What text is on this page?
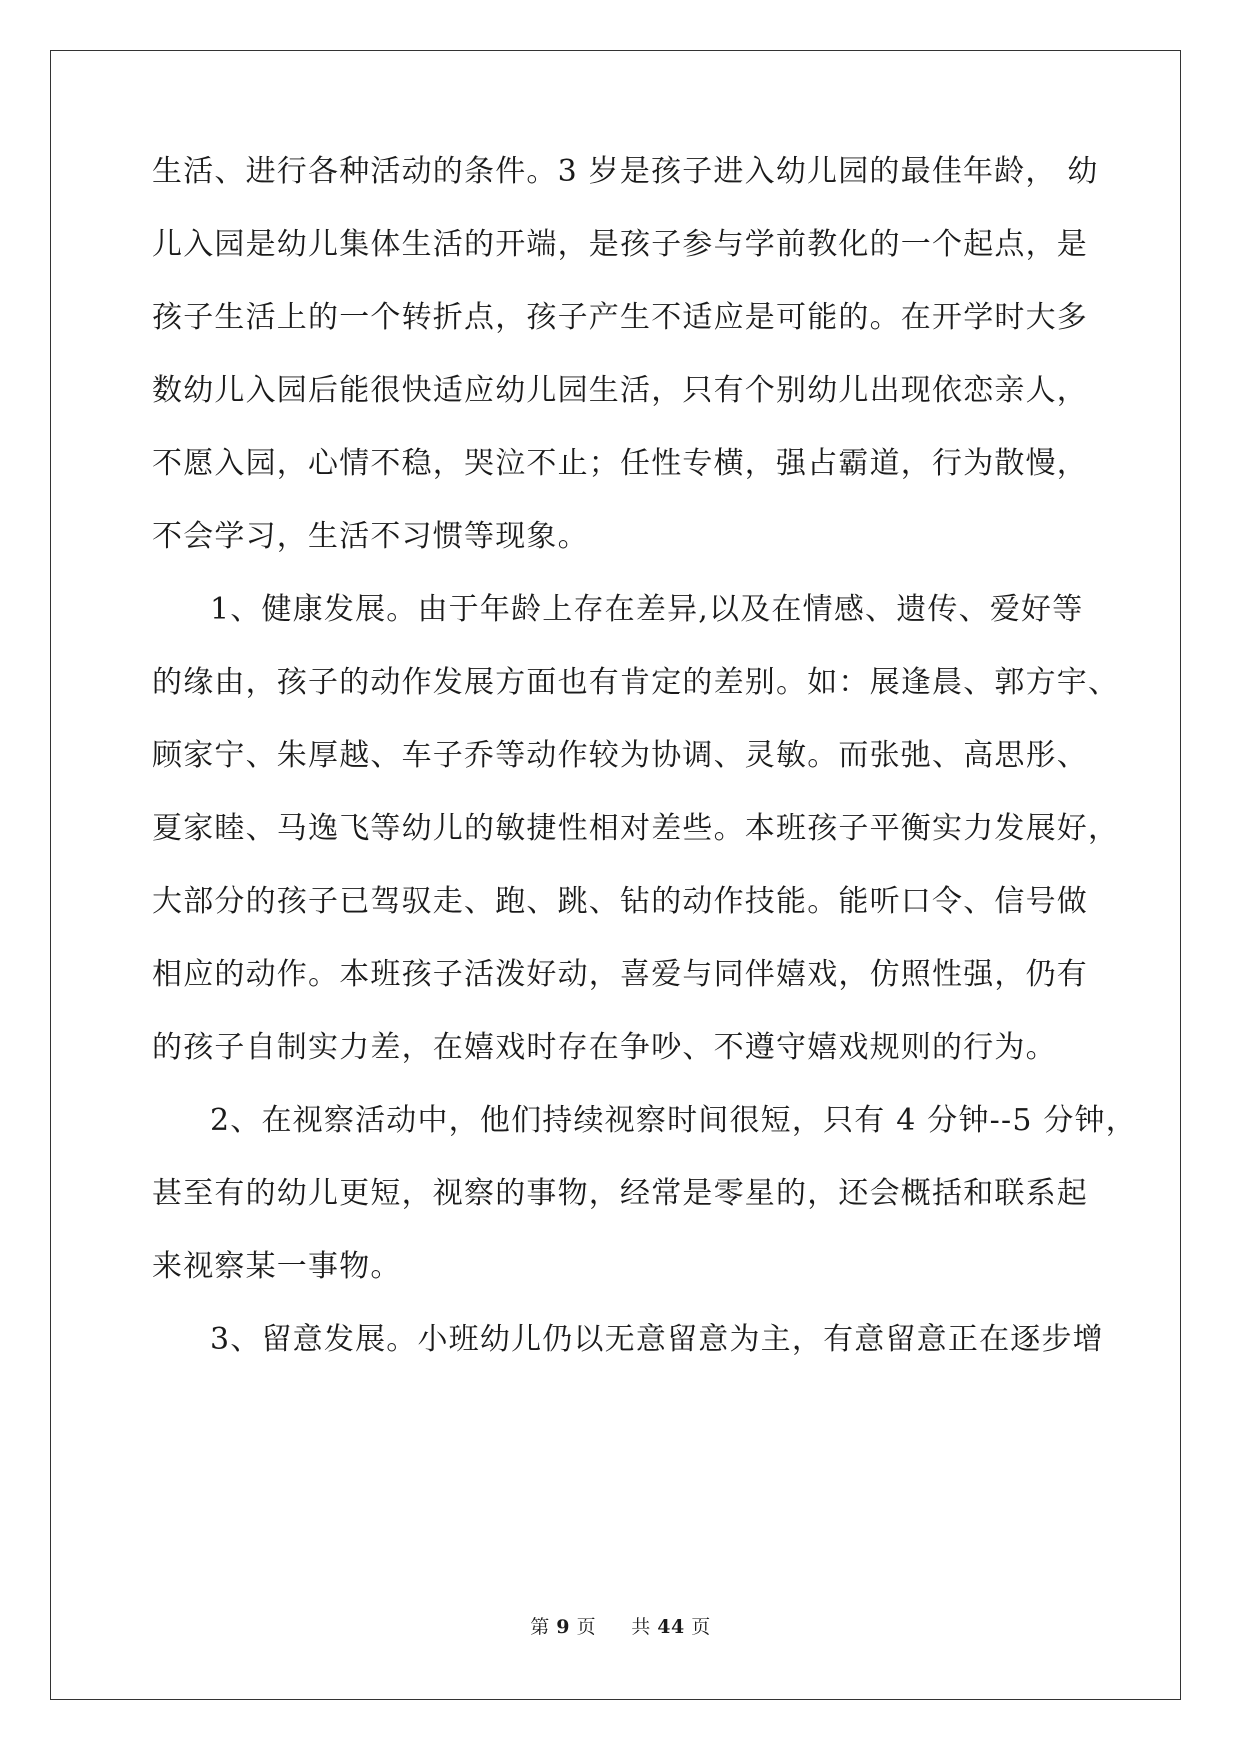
生活、进行各种活动的条件。3 岁是孩子进入幼儿园的最佳年龄， 幼
儿入园是幼儿集体生活的开端，是孩子参与学前教化的一个起点，是
孩子生活上的一个转折点，孩子产生不适应是可能的。在开学时大多
数幼儿入园后能很快适应幼儿园生活，只有个别幼儿出现依恋亲人，
不愿入园，心情不稳，哭泣不止；任性专横，强占霸道，行为散慢，
不会学习，生活不习惯等现象。
1、健康发展。由于年龄上存在差异,以及在情感、遗传、爱好等
的缘由，孩子的动作发展方面也有肯定的差别。如：展逢晨、郭方宇、
顾家宁、朱厚越、车子乔等动作较为协调、灵敏。而张弛、高思彤、
夏家睦、马逸飞等幼儿的敏捷性相对差些。本班孩子平衡实力发展好，
大部分的孩子已驾驭走、跑、跳、钻的动作技能。能听口令、信号做
相应的动作。本班孩子活泼好动，喜爱与同伴嬉戏，仿照性强，仍有
的孩子自制实力差，在嬉戏时存在争吵、不遵守嬉戏规则的行为。
2、在视察活动中，他们持续视察时间很短，只有 4 分钟--5 分钟，
甚至有的幼儿更短，视察的事物，经常是零星的，还会概括和联系起
来视察某一事物。
3、留意发展。小班幼儿仍以无意留意为主，有意留意正在逐步增
第 9 页 共 44 页
